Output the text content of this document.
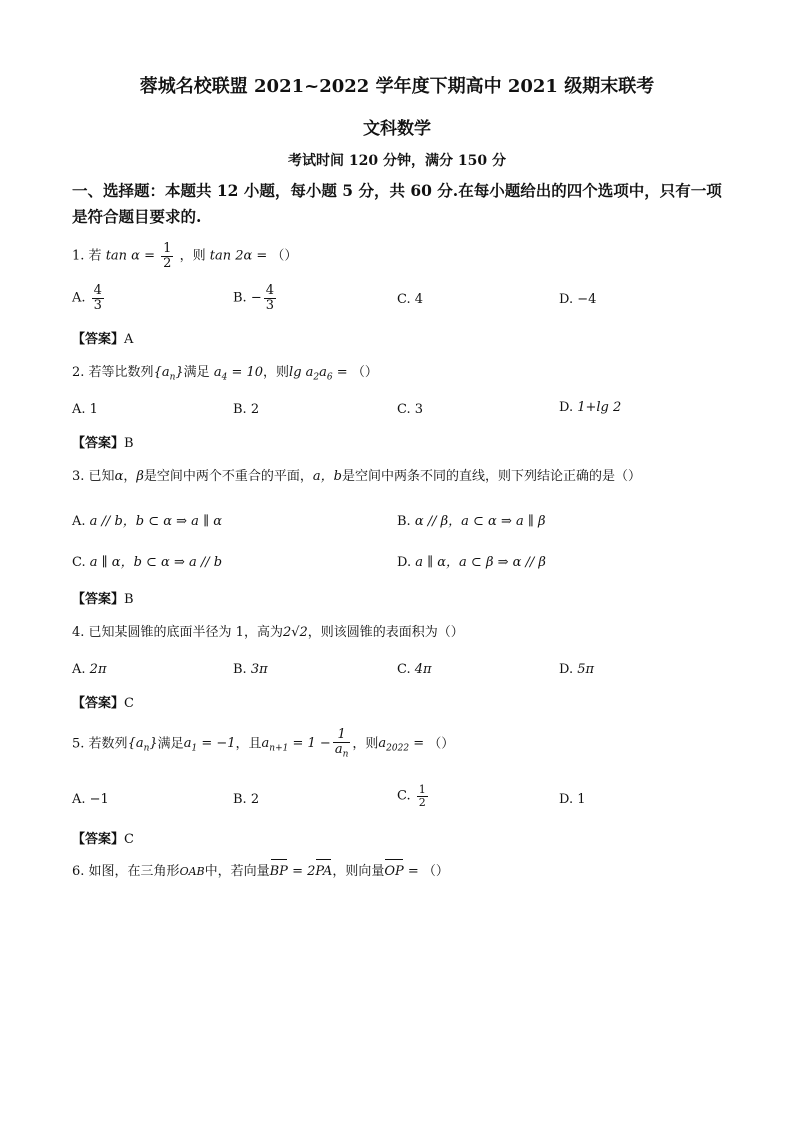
蓉城名校联盟 2021~2022 学年度下期高中 2021 级期末联考
文科数学
考试时间 120 分钟，满分 150 分
一、选择题：本题共 12 小题，每小题 5 分，共 60 分.在每小题给出的四个选项中，只有一项
是符合题目要求的.
1. 若 $\tan \alpha = \frac{1}{2}$ ，则 tan 2α = （）
A. $\frac{4}{3}$	B. − $\frac{4}{3}$	C. 4	D. −4
【答案】A
2. 若等比数列$\{a_n\}$满足 $a_4 = 10$，则$\lg a_2a_6$ = （）
A. 1	B. 2	C. 3	D. 1+lg 2
【答案】B
3. 已知α，β是空间中两个不重合的平面，a，b是空间中两条不同的直线，则下列结论正确的是（）
A. a // b，b ⊂ α ⇒ a ∥ α	B. α // β，a ⊂ α ⇒ a ∥ β
C. a ∥ α，b ⊂ α ⇒ a // b	D. a ∥ α，a ⊂ β ⇒ α // β
【答案】B
4. 已知某圆锥的底面半径为 1，高为2√2，则该圆锥的表面积为（）
A. 2π	B. 3π	C. 4π	D. 5π
【答案】C
5. 若数列$\{a_n\}$满足$a_1 = -1$，且$a_{n+1} = 1 - \frac{1}{a_n}$ ，则$a_{2022}$ = （）
A. −1	B. 2	C. $\frac{1}{2}$	D. 1
【答案】C
6. 如图，在三角形OAB中，若向量BP = 2PA，则向量OP = （）
